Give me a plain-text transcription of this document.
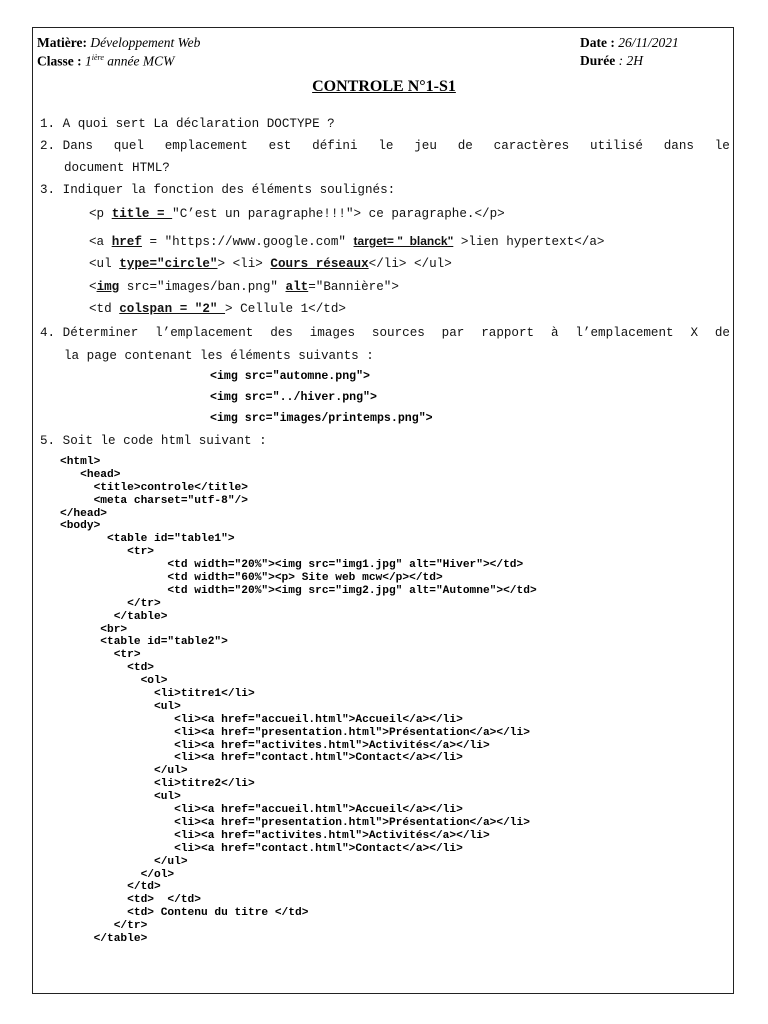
Matière: Développement Web
Classe : $1^{ière}$ année MCW
Date : 26/11/2021
Durée : 2H
CONTROLE N°1-S1
1. A quoi sert La déclaration DOCTYPE ?
2. Dans quel emplacement est défini le jeu de caractères utilisé dans le
document HTML?
3. Indiquer la fonction des éléments soulignés:
<p title = "C’est un paragraphe!!!"> ce paragraphe.</p>
<a href = "https://www.google.com" target= "_blanck" >lien hypertext</a>
<ul type="circle"> <li> Cours réseaux</li> </ul>
<img src="images/ban.png" alt="Bannière">
<td colspan = "2" > Cellule 1</td>
4. Déterminer l’emplacement des images sources par rapport à l’emplacement X de
la page contenant les éléments suivants :
<img src="automne.png">
<img src="../hiver.png">
<img src="images/printemps.png">
5. Soit le code html suivant :
<html>
<head>
<title>controle</title>
<meta charset="utf-8"/>
</head>
<body>
<table id="table1">
<tr>
<td width="20%"><img src="img1.jpg" alt="Hiver"></td>
<td width="60%"><p> Site web mcw</p></td>
<td width="20%"><img src="img2.jpg" alt="Automne"></td>
</tr>
</table>
<br>
<table id="table2">
<tr>
<td>
<ol>
<li>titre1</li>
<ul>
<li><a href="accueil.html">Accueil</a></li>
<li><a href="presentation.html">Présentation</a></li>
<li><a href="activites.html">Activités</a></li>
<li><a href="contact.html">Contact</a></li>
</ul>
<li>titre2</li>
<ul>
<li><a href="accueil.html">Accueil</a></li>
<li><a href="presentation.html">Présentation</a></li>
<li><a href="activites.html">Activités</a></li>
<li><a href="contact.html">Contact</a></li>
</ul>
</ol>
</td>
<td>  </td>
<td> Contenu du titre </td>
</tr>
</table>
